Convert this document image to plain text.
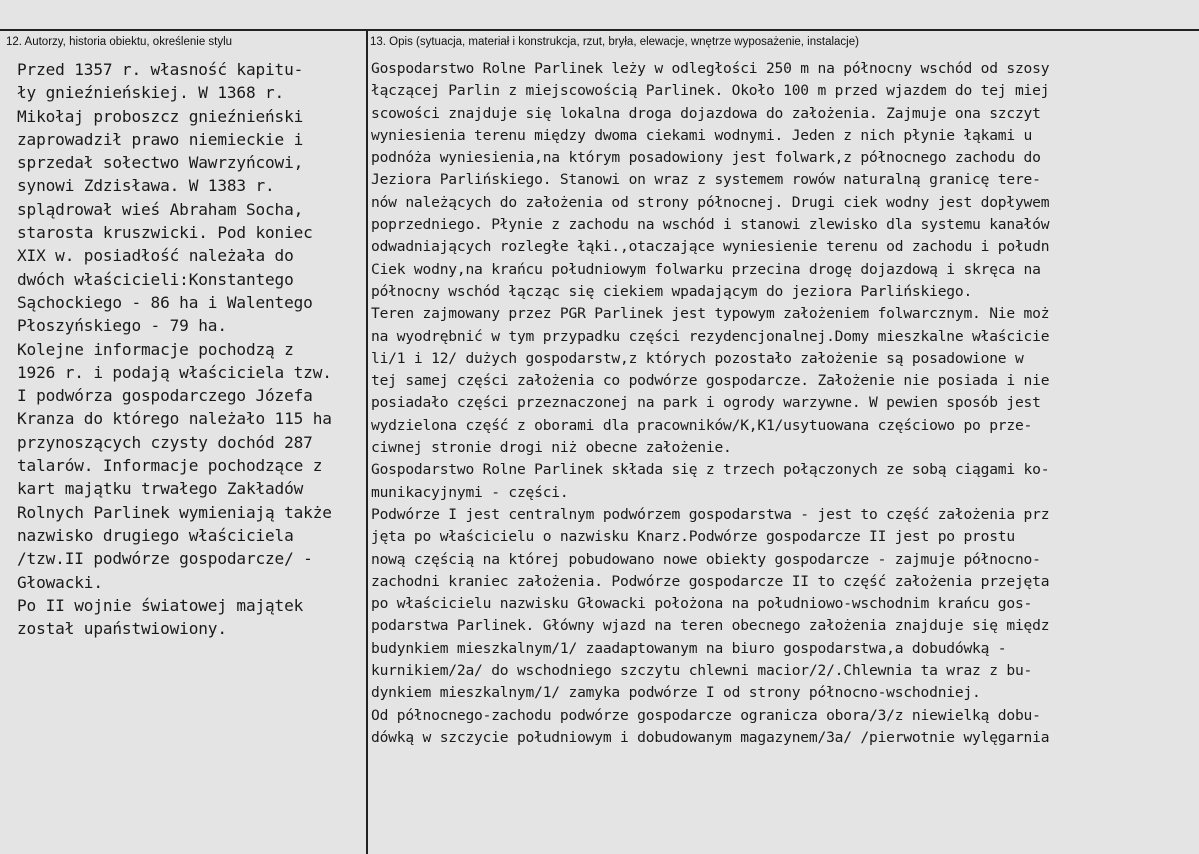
12. Autorzy, historia obiektu, określenie stylu	13. Opis (sytuacja, materiał i konstrukcja, rzut, bryła, elewacje, wnętrze wyposażenie, instalacje)
Przed 1357 r. własność kapitu-
ły gnieźnieńskiej. W 1368 r.
Mikołaj proboszcz gnieźnieński
zaprowadził prawo niemieckie i
sprzedał sołectwo Wawrzyńcowi,
synowi Zdzisława. W 1383 r.
splądrował wieś Abraham Socha,
starosta kruszwicki. Pod koniec
XIX w. posiadłość należała do
dwóch właścicieli:Konstantego
Sąchockiego - 86 ha i Walentego
Płoszyńskiego - 79 ha.
Kolejne informacje pochodzą z
1926 r. i podają właściciela tzw.
I podwórza gospodarczego Józefa
Kranza do którego należało 115 ha
przynoszących czysty dochód 287
talarów. Informacje pochodzące z
kart majątku trwałego Zakładów
Rolnych Parlinek wymieniają także
nazwisko drugiego właściciela
/tzw.II podwórze gospodarcze/ -
Głowacki.
Po II wojnie światowej majątek
został upaństwiowiony.
Gospodarstwo Rolne Parlinek leży w odległości 250 m na północny wschód od szosy
łączącej Parlin z miejscowością Parlinek. Około 100 m przed wjazdem do tej miej
scowości znajduje się lokalna droga dojazdowa do założenia. Zajmuje ona szczyt
wyniesienia terenu między dwoma ciekami wodnymi. Jeden z nich płynie łąkami u
podnóża wyniesienia,na którym posadowiony jest folwark,z północnego zachodu do
Jeziora Parlińskiego. Stanowi on wraz z systemem rowów naturalną granicę tere-
nów należących do założenia od strony północnej. Drugi ciek wodny jest dopływem
poprzedniego. Płynie z zachodu na wschód i stanowi zlewisko dla systemu kanałów
odwadniających rozległe łąki.,otaczające wyniesienie terenu od zachodu i połudn
Ciek wodny,na krańcu południowym folwarku przecina drogę dojazdową i skręca na
północny wschód łącząc się ciekiem wpadającym do jeziora Parlińskiego.
Teren zajmowany przez PGR Parlinek jest typowym założeniem folwarcznym. Nie moż
na wyodrębnić w tym przypadku części rezydencjonalnej.Domy mieszkalne właścicie
li/1 i 12/ dużych gospodarstw,z których pozostało założenie są posadowione w
tej samej części założenia co podwórze gospodarcze. Założenie nie posiada i nie
posiadało części przeznaczonej na park i ogrody warzywne. W pewien sposób jest
wydzielona część z oborami dla pracowników/K,K1/usytuowana częściowo po prze-
ciwnej stronie drogi niż obecne założenie.
Gospodarstwo Rolne Parlinek składa się z trzech połączonych ze sobą ciągami ko-
munikacyjnymi - części.
Podwórze I jest centralnym podwórzem gospodarstwa - jest to część założenia prz
jęta po właścicielu o nazwisku Knarz.Podwórze gospodarcze II jest po prostu
nową częścią na której pobudowano nowe obiekty gospodarcze - zajmuje północno-
zachodni kraniec założenia. Podwórze gospodarcze II to część założenia przejęta
po właścicielu nazwisku Głowacki położona na południowo-wschodnim krańcu gos-
podarstwa Parlinek. Główny wjazd na teren obecnego założenia znajduje się międz
budynkiem mieszkalnym/1/ zaadaptowanym na biuro gospodarstwa,a dobudówką -
kurnikiem/2a/ do wschodniego szczytu chlewni macior/2/.Chlewnia ta wraz z bu-
dynkiem mieszkalnym/1/ zamyka podwórze I od strony północno-wschodniej.
Od północnego-zachodu podwórze gospodarcze ogranicza obora/3/z niewielką dobu-
dówką w szczycie południowym i dobudowanym magazynem/3a/ /pierwotnie wylęgarnia
